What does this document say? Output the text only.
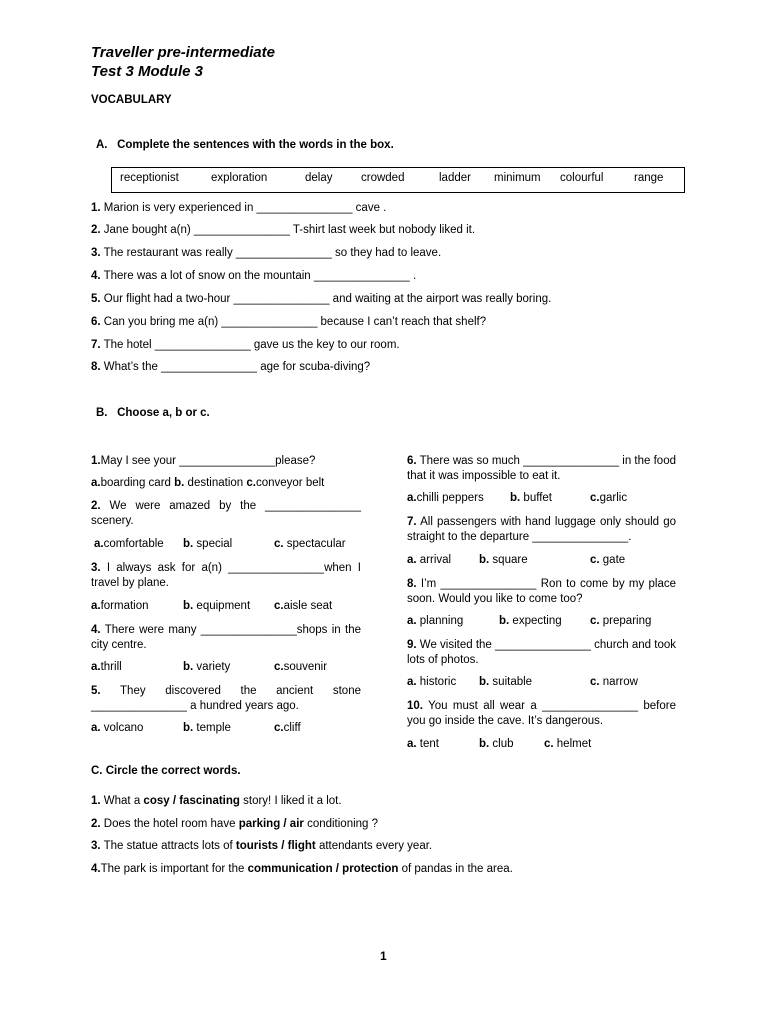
Traveller pre-intermediate
Test 3 Module 3
VOCABULARY
A.   Complete the sentences with the words in the box.
receptionist	exploration	delay crowded	ladder minimum colourful	range
1. Marion is very experienced in _______________ cave .
2. Jane bought a(n) _______________ T-shirt last week but nobody liked it.
3. The restaurant was really _______________ so they had to leave.
4. There was a lot of snow on the mountain _______________ .
5. Our flight had a two-hour _______________ and waiting at the airport was really boring.
6. Can you bring me a(n) _______________ because I can’t reach that shelf?
7. The hotel _______________ gave us the key to our room.
8. What’s the _______________ age for scuba-diving?
B.   Choose a, b or c.
1.May I see your _______________please?
a.boarding card b. destination c.conveyor belt
2. We were amazed by the _______________ scenery.
a.comfortable b. special	c. spectacular
3. I always ask for a(n) _______________when I travel by plane.
a.formation	b. equipment c.aisle seat
4. There were many _______________shops in the city centre.
a.thrill	b. variety	c.souvenir
5. They discovered the ancient stone _______________ a hundred years ago.
a. volcano	b. temple	c.cliff
6. There was so much _______________ in the food that it was impossible to eat it.
a.chilli peppers b. buffet	c.garlic
7. All passengers with hand luggage only should go straight to the departure _______________.
a. arrival b. square	c. gate
8. I’m _______________ Ron to come by my place soon. Would you like to come too?
a. planning	b. expecting c. preparing
9. We visited the _______________ church and took lots of photos.
a. historic b. suitable	c. narrow
10. You must all wear a _______________ before you go inside the cave. It’s dangerous.
a. tent	b. club	c. helmet
C. Circle the correct words.
1. What a cosy / fascinating story! I liked it a lot.
2. Does the hotel room have parking / air conditioning ?
3. The statue attracts lots of tourists / flight attendants every year.
4.The park is important for the communication / protection of pandas in the area.
1
